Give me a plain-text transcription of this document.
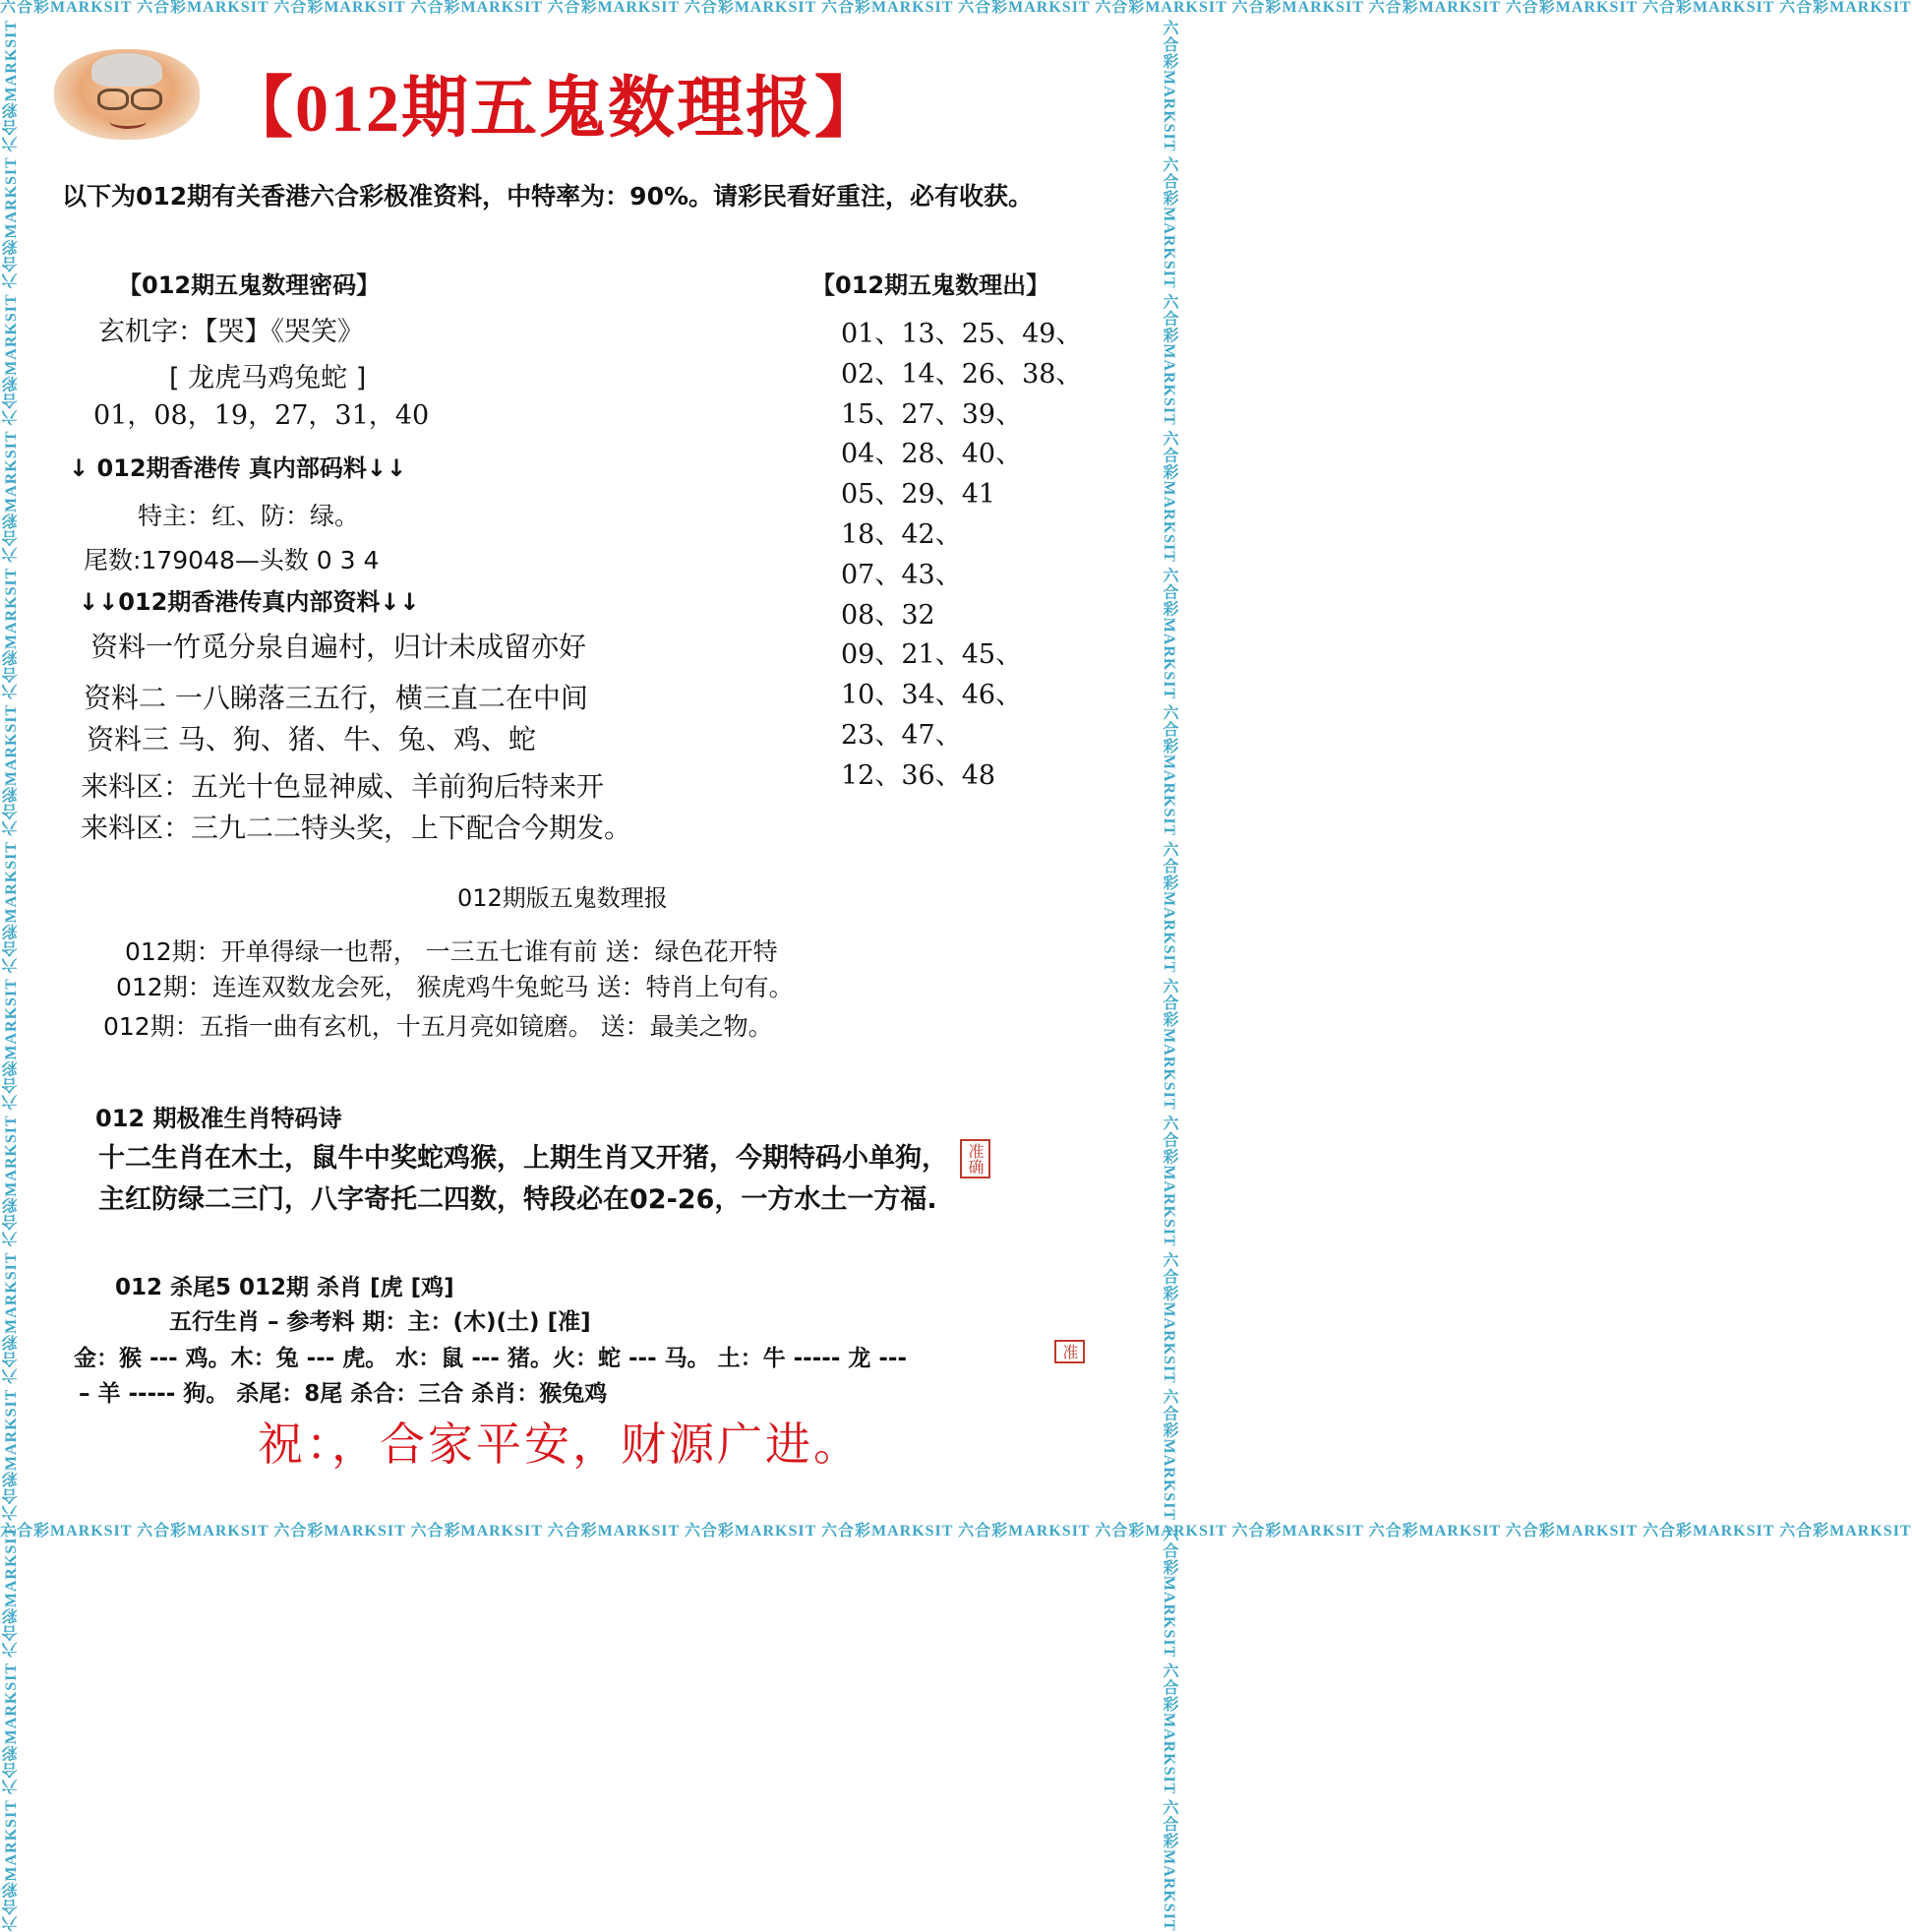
六合彩MARKSIT 六合彩MARKSIT 六合彩MARKSIT 六合彩MARKSIT 六合彩MARKSIT 六合彩MARKSIT 六合彩MARKSIT 六合彩MARKSIT 六合彩MARKSIT 六合彩MARKSIT 六合彩MARKSIT 六合彩MARKSIT 六合彩MARKSIT 六合彩MARKSIT
六合彩MARKSIT 六合彩MARKSIT 六合彩MARKSIT 六合彩MARKSIT 六合彩MARKSIT 六合彩MARKSIT 六合彩MARKSIT 六合彩MARKSIT 六合彩MARKSIT 六合彩MARKSIT 六合彩MARKSIT 六合彩MARKSIT 六合彩MARKSIT 六合彩MARKSIT
六合彩MARKSIT 六合彩MARKSIT 六合彩MARKSIT 六合彩MARKSIT 六合彩MARKSIT 六合彩MARKSIT 六合彩MARKSIT 六合彩MARKSIT 六合彩MARKSIT 六合彩MARKSIT 六合彩MARKSIT 六合彩MARKSIT 六合彩MARKSIT 六合彩MARKSIT	六合彩MARKSIT 六合彩MARKSIT 六合彩MARKSIT 六合彩MARKSIT 六合彩MARKSIT 六合彩MARKSIT 六合彩MARKSIT 六合彩MARKSIT 六合彩MARKSIT 六合彩MARKSIT 六合彩MARKSIT 六合彩MARKSIT 六合彩MARKSIT 六合彩MARKSIT
【012期五鬼数理报】
以下为012期有关香港六合彩极准资料，中特率为：90%。请彩民看好重注，必有收获。
【012期五鬼数理密码】
玄机字：【哭】《哭笑》
[ 龙虎马鸡兔蛇 ]
01，08，19，27，31，40
↓ 012期香港传 真内部码料↓↓
特主：红、防：绿。
尾数:179048—头数 0 3 4
↓↓012期香港传真内部资料↓↓
资料一竹觅分泉自遍村，归计未成留亦好
资料二 一八睇落三五行，横三直二在中间
资料三 马、狗、猪、牛、兔、鸡、蛇
来料区：五光十色显神威、羊前狗后特来开
来料区：三九二二特头奖，上下配合今期发。
【012期五鬼数理出】
01、13、25、49、
02、14、26、38、
15、27、39、
04、28、40、
05、29、41
18、42、
07、43、
08、32
09、21、45、
10、34、46、
23、47、
12、36、48
012期版五鬼数理报
012期：开单得绿一也帮， 一三五七谁有前 送：绿色花开特
012期：连连双数龙会死， 猴虎鸡牛兔蛇马 送：特肖上句有。
012期：五指一曲有玄机，十五月亮如镜磨。 送：最美之物。
012 期极准生肖特码诗
十二生肖在木土，鼠牛中奖蛇鸡猴，上期生肖又开猪，今期特码小单狗，
主红防绿二三门，八字寄托二四数，特段必在02-26，一方水土一方福.
准确
012 杀尾5 012期 杀肖 [虎 [鸡]
五行生肖 – 参考料 期：主：(木)(土) [准]
金：猴 --- 鸡。木：兔 --- 虎。 水：鼠 --- 猪。火：蛇 --- 马。 土：牛 ----- 龙 ---	准
– 羊 ----- 狗。 杀尾：8尾 杀合：三合 杀肖：猴兔鸡
祝：，合家平安，财源广进。
